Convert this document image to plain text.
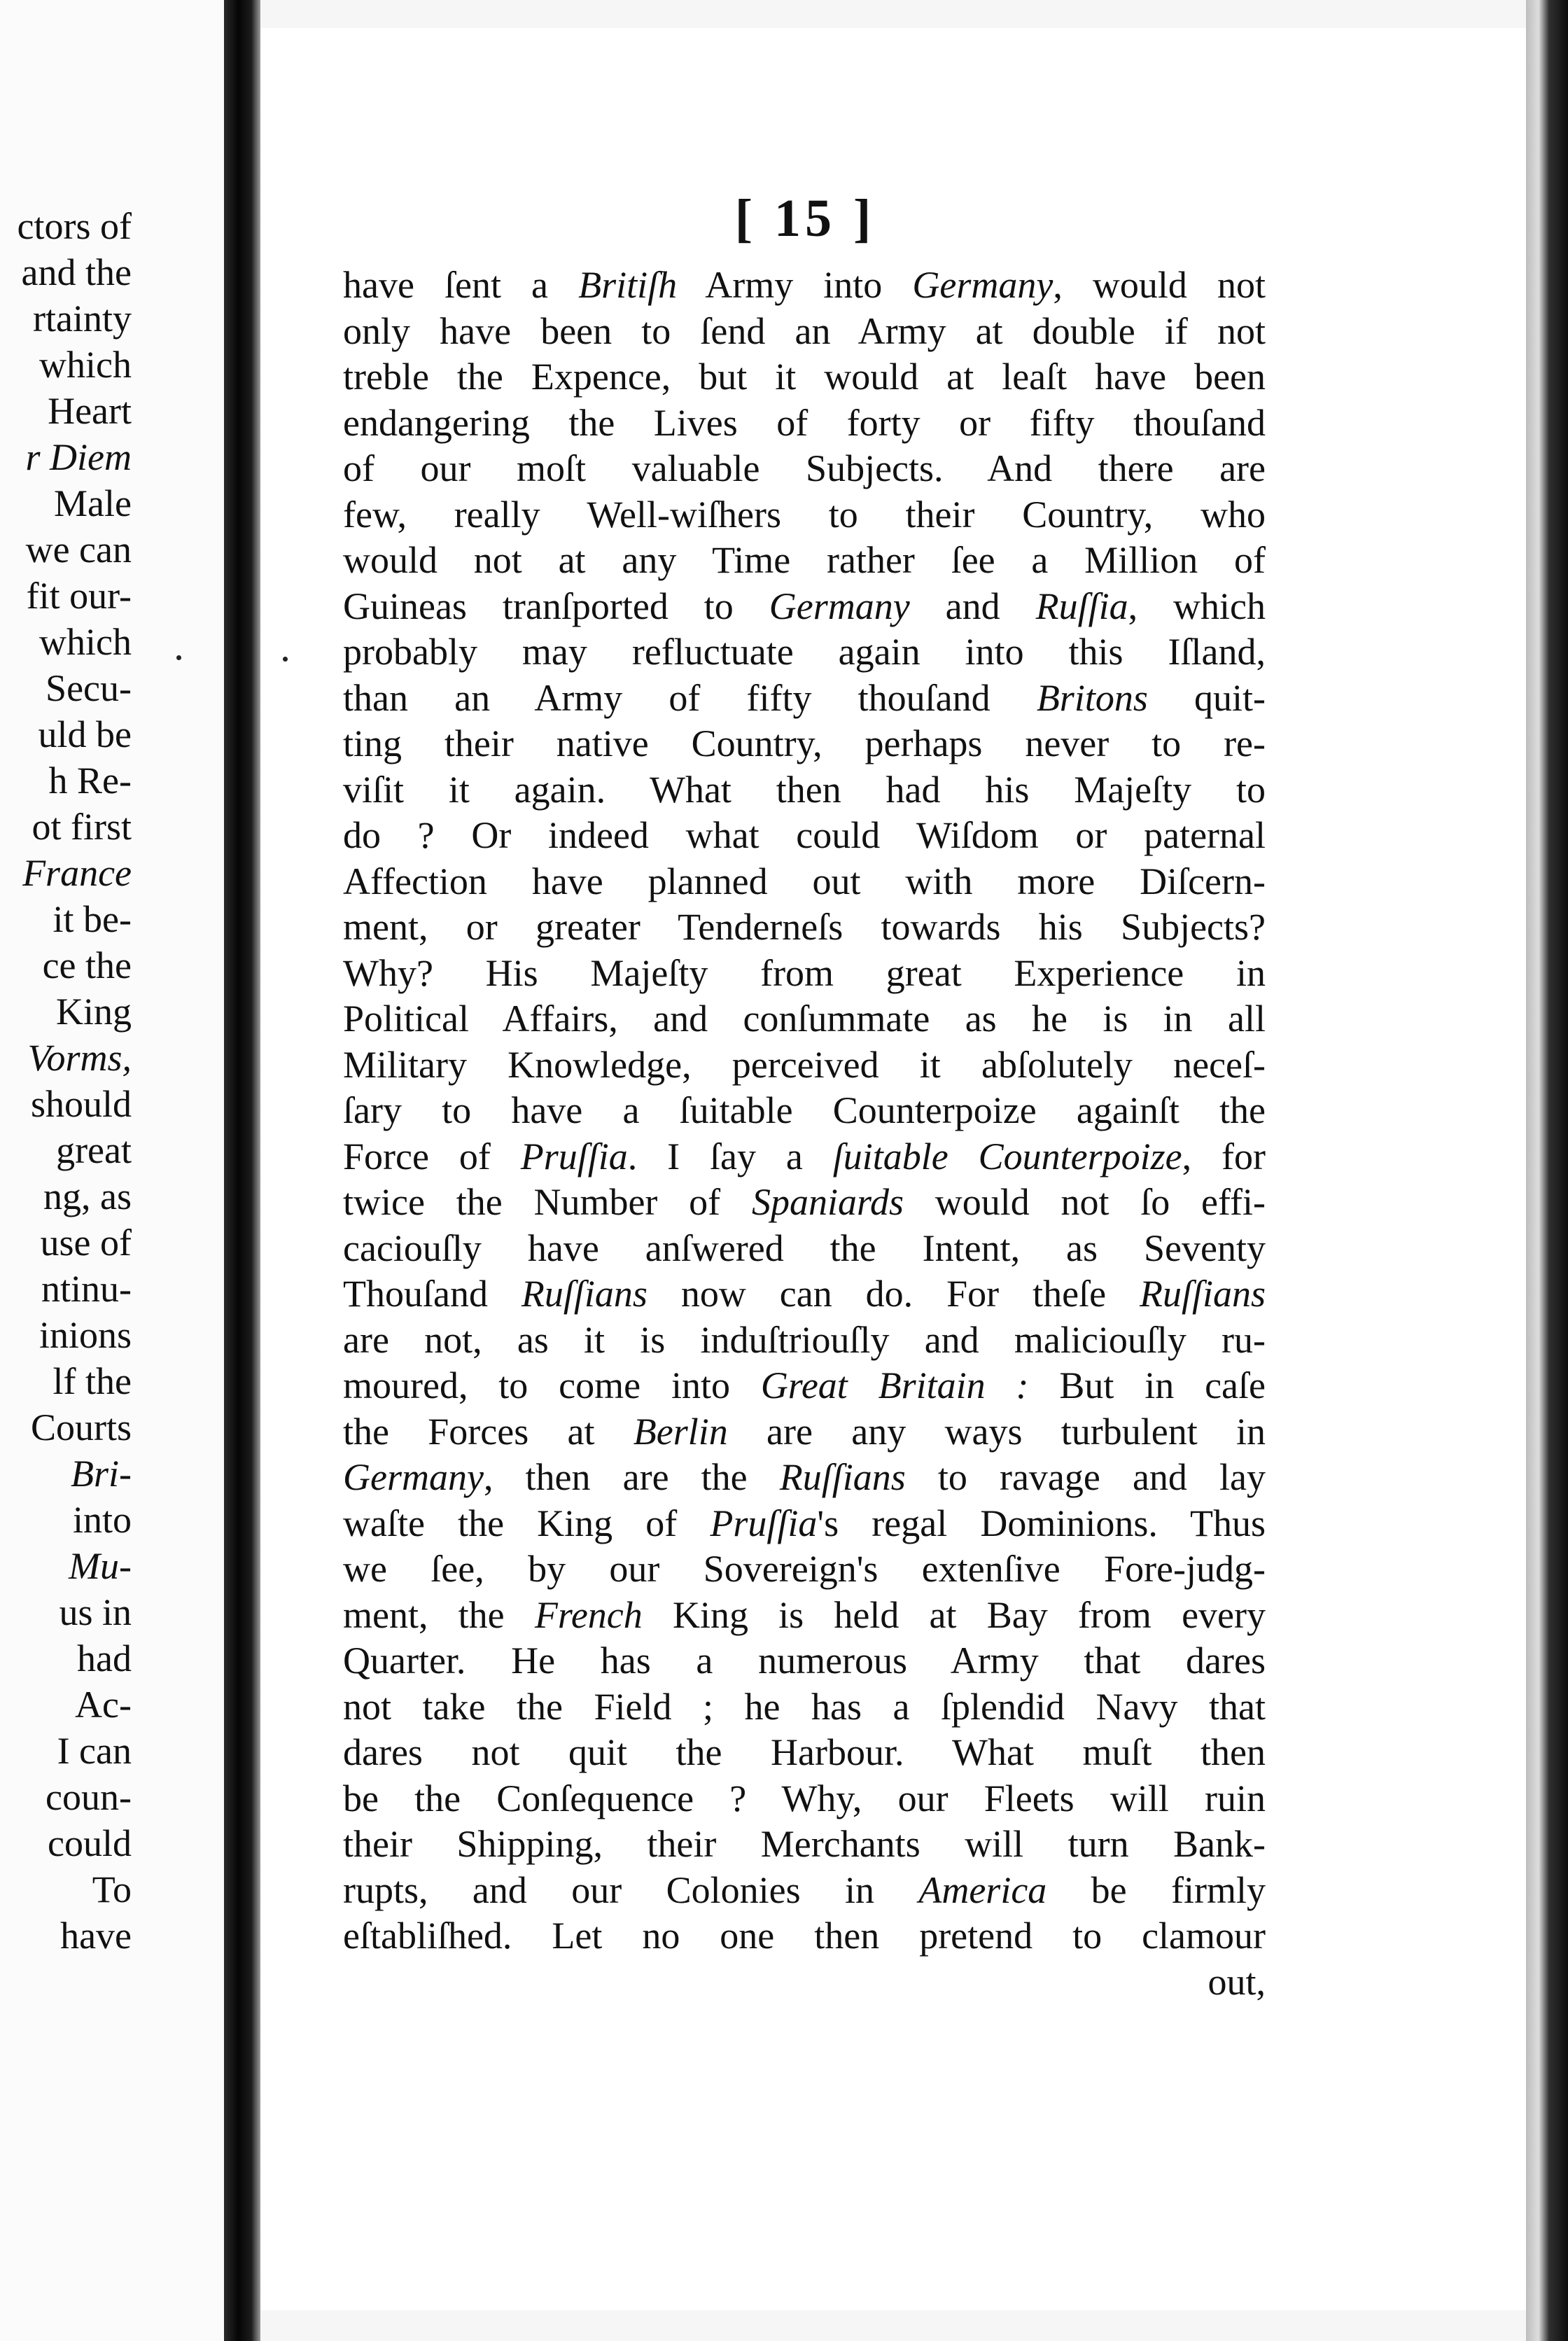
ctors of
and the
rtainty
which
Heart
r Diem
Male
we can
fit our-
which
Secu-
uld be
h Re-
ot first
France
it be-
ce the
King
Vorms,
should
great
ng, as
use of
ntinu-
inions
lf the
Courts
Bri-
into
Mu-
us in
had
Ac-
I can
coun-
could
To
have
[ 15 ]
have ſent a Britiſh Army into Germany, would not
only have been to ſend an Army at double if not
treble the Expence, but it would at leaſt have been
endangering the Lives of forty or fifty thouſand
of our moſt valuable Subjects. And there are
few, really Well-wiſhers to their Country, who
would not at any Time rather ſee a Million of
Guineas tranſported to Germany and Ruſſia, which
probably may refluctuate again into this Iſland,
than an Army of fifty thouſand Britons quit-
ting their native Country, perhaps never to re-
viſit it again. What then had his Majeſty to
do ? Or indeed what could Wiſdom or paternal
Affection have planned out with more Diſcern-
ment, or greater Tenderneſs towards his Subjects?
Why? His Majeſty from great Experience in
Political Affairs, and conſummate as he is in all
Military Knowledge, perceived it abſolutely neceſ-
ſary to have a ſuitable Counterpoize againſt the
Force of Pruſſia. I ſay a ſuitable Counterpoize, for
twice the Number of Spaniards would not ſo effi-
caciouſly have anſwered the Intent, as Seventy
Thouſand Ruſſians now can do. For theſe Ruſſians
are not, as it is induſtriouſly and maliciouſly ru-
moured, to come into Great Britain : But in caſe
the Forces at Berlin are any ways turbulent in
Germany, then are the Ruſſians to ravage and lay
waſte the King of Pruſſia's regal Dominions. Thus
we ſee, by our Sovereign's extenſive Fore-judg-
ment, the French King is held at Bay from every
Quarter. He has a numerous Army that dares
not take the Field ; he has a ſplendid Navy that
dares not quit the Harbour. What muſt then
be the Conſequence ? Why, our Fleets will ruin
their Shipping, their Merchants will turn Bank-
rupts, and our Colonies in America be firmly
eſtabliſhed. Let no one then pretend to clamour
out,
